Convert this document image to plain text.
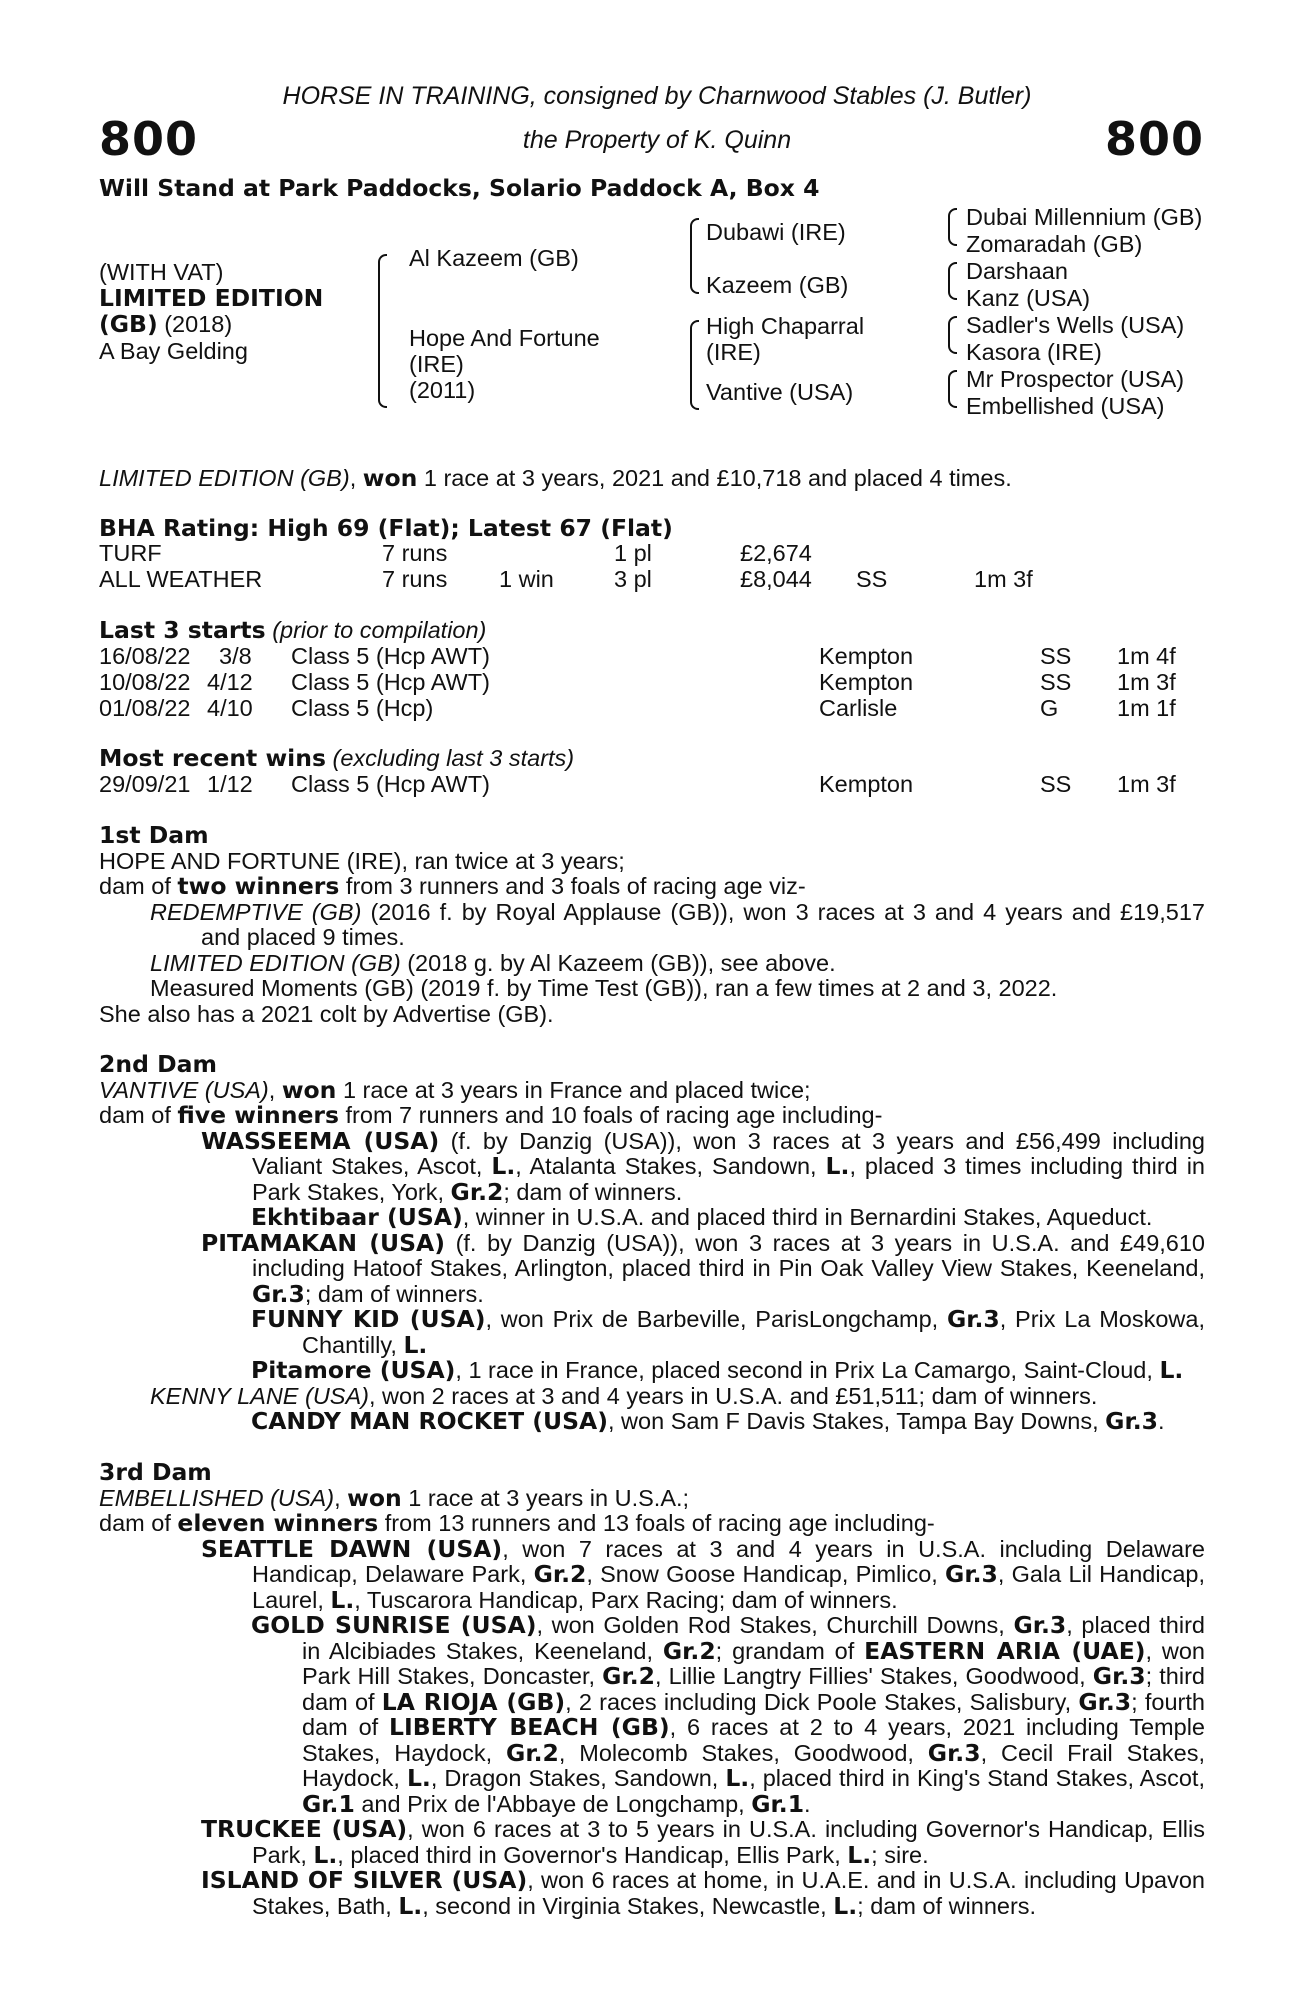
HORSE IN TRAINING, consigned by Charnwood Stables (J. Butler)
800	the Property of K. Quinn	800
Will Stand at Park Paddocks, Solario Paddock A, Box 4
(WITH VAT)
LIMITED EDITION
(GB) (2018)
A Bay Gelding
Al Kazeem (GB)
Hope And Fortune
(IRE)
(2011)
Dubawi (IRE)
Kazeem (GB)
High Chaparral
(IRE)
Vantive (USA)
Dubai Millennium (GB)
Zomaradah (GB)
Darshaan
Kanz (USA)
Sadler's Wells (USA)
Kasora (IRE)
Mr Prospector (USA)
Embellished (USA)
LIMITED EDITION (GB), won 1 race at 3 years, 2021 and £10,718 and placed 4 times.
BHA Rating: High 69 (Flat); Latest 67 (Flat)
TURF	7 runs	1 pl	£2,674
ALL WEATHER	7 runs 1 win	3 pl	£8,044 SS	1m 3f
Last 3 starts (prior to compilation)
16/08/22 3/8 Class 5 (Hcp AWT)	Kempton	SS 1m 4f
10/08/22 4/12 Class 5 (Hcp AWT)	Kempton	SS 1m 3f
01/08/22 4/10 Class 5 (Hcp)	Carlisle	G 1m 1f
Most recent wins (excluding last 3 starts)
29/09/21 1/12 Class 5 (Hcp AWT)	Kempton	SS 1m 3f

1st Dam

HOPE AND FORTUNE (IRE), ran twice at 3 years;

dam of two winners from 3 runners and 3 foals of racing age viz-

REDEMPTIVE (GB) (2016 f. by Royal Applause (GB)), won 3 races at 3 and 4 years and £19,517 and placed 9 times.

LIMITED EDITION (GB) (2018 g. by Al Kazeem (GB)), see above.

Measured Moments (GB) (2019 f. by Time Test (GB)), ran a few times at 2 and 3, 2022.

She also has a 2021 colt by Advertise (GB).

2nd Dam

VANTIVE (USA), won 1 race at 3 years in France and placed twice;

dam of five winners from 7 runners and 10 foals of racing age including-

WASSEEMA (USA) (f. by Danzig (USA)), won 3 races at 3 years and £56,499 including Valiant Stakes, Ascot, L., Atalanta Stakes, Sandown, L., placed 3 times including third in Park Stakes, York, Gr.2; dam of winners.

Ekhtibaar (USA), winner in U.S.A. and placed third in Bernardini Stakes, Aqueduct.

PITAMAKAN (USA) (f. by Danzig (USA)), won 3 races at 3 years in U.S.A. and £49,610 including Hatoof Stakes, Arlington, placed third in Pin Oak Valley View Stakes, Keeneland, Gr.3; dam of winners.

FUNNY KID (USA), won Prix de Barbeville, ParisLongchamp, Gr.3, Prix La Moskowa, Chantilly, L.

Pitamore (USA), 1 race in France, placed second in Prix La Camargo, Saint-Cloud, L.

KENNY LANE (USA), won 2 races at 3 and 4 years in U.S.A. and £51,511; dam of winners.

CANDY MAN ROCKET (USA), won Sam F Davis Stakes, Tampa Bay Downs, Gr.3.

3rd Dam

EMBELLISHED (USA), won 1 race at 3 years in U.S.A.;

dam of eleven winners from 13 runners and 13 foals of racing age including-

SEATTLE DAWN (USA), won 7 races at 3 and 4 years in U.S.A. including Delaware Handicap, Delaware Park, Gr.2, Snow Goose Handicap, Pimlico, Gr.3, Gala Lil Handicap, Laurel, L., Tuscarora Handicap, Parx Racing; dam of winners.

GOLD SUNRISE (USA), won Golden Rod Stakes, Churchill Downs, Gr.3, placed third in Alcibiades Stakes, Keeneland, Gr.2; grandam of EASTERN ARIA (UAE), won Park Hill Stakes, Doncaster, Gr.2, Lillie Langtry Fillies' Stakes, Goodwood, Gr.3; third dam of LA RIOJA (GB), 2 races including Dick Poole Stakes, Salisbury, Gr.3; fourth dam of LIBERTY BEACH (GB), 6 races at 2 to 4 years, 2021 including Temple Stakes, Haydock, Gr.2, Molecomb Stakes, Goodwood, Gr.3, Cecil Frail Stakes, Haydock, L., Dragon Stakes, Sandown, L., placed third in King's Stand Stakes, Ascot, Gr.1 and Prix de l'Abbaye de Longchamp, Gr.1.

TRUCKEE (USA), won 6 races at 3 to 5 years in U.S.A. including Governor's Handicap, Ellis Park, L., placed third in Governor's Handicap, Ellis Park, L.; sire.

ISLAND OF SILVER (USA), won 6 races at home, in U.A.E. and in U.S.A. including Upavon Stakes, Bath, L., second in Virginia Stakes, Newcastle, L.; dam of winners.
